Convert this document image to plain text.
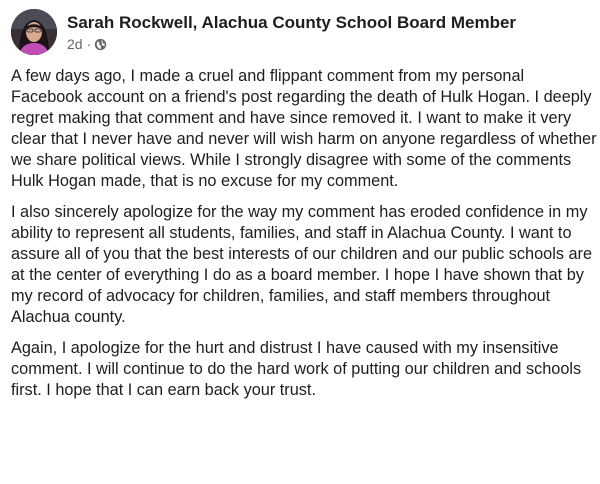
Sarah Rockwell, Alachua County School Board Member
2d ·

A few days ago, I made a cruel and flippant comment from my personal Facebook account on a friend's post regarding the death of Hulk Hogan. I deeply regret making that comment and have since removed it. I want to make it very clear that I never have and never will wish harm on anyone regardless of whether we share political views. While I strongly disagree with some of the comments Hulk Hogan made, that is no excuse for my comment.

I also sincerely apologize for the way my comment has eroded confidence in my ability to represent all students, families, and staff in Alachua County. I want to assure all of you that the best interests of our children and our public schools are at the center of everything I do as a board member. I hope I have shown that by my record of advocacy for children, families, and staff members throughout Alachua county.

Again, I apologize for the hurt and distrust I have caused with my insensitive comment. I will continue to do the hard work of putting our children and schools first. I hope that I can earn back your trust.
